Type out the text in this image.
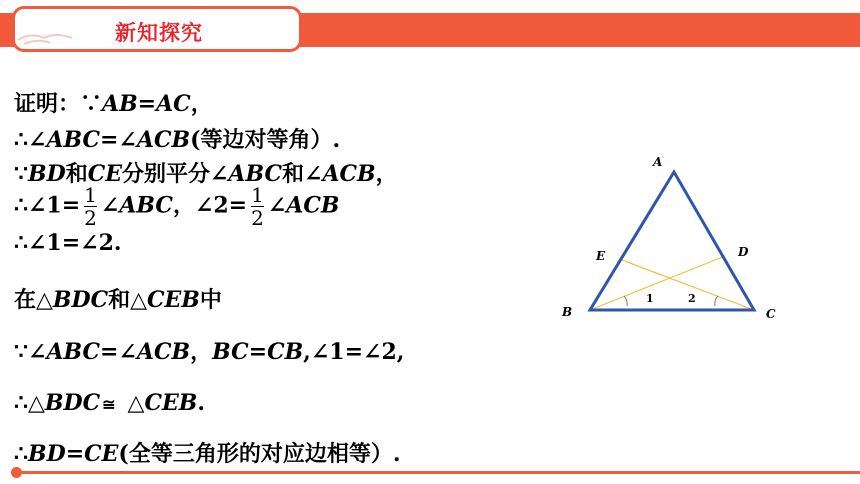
新知探究
证明：∵AB=AC，
∴∠ABC=∠ACB(等边对等角）.
∵BD和CE分别平分∠ABC和∠ACB，
∴∠1= $\frac{1}{2}$ ∠ABC，∠2= $\frac{1}{2}$ ∠ACB
∴∠1=∠2.
在△BDC和△CEB中
∵∠ABC=∠ACB，BC=CB,∠1=∠2,
∴△BDC ≅ △CEB.
∴BD=CE(全等三角形的对应边相等）.
A
B	C
D
E
1	2
